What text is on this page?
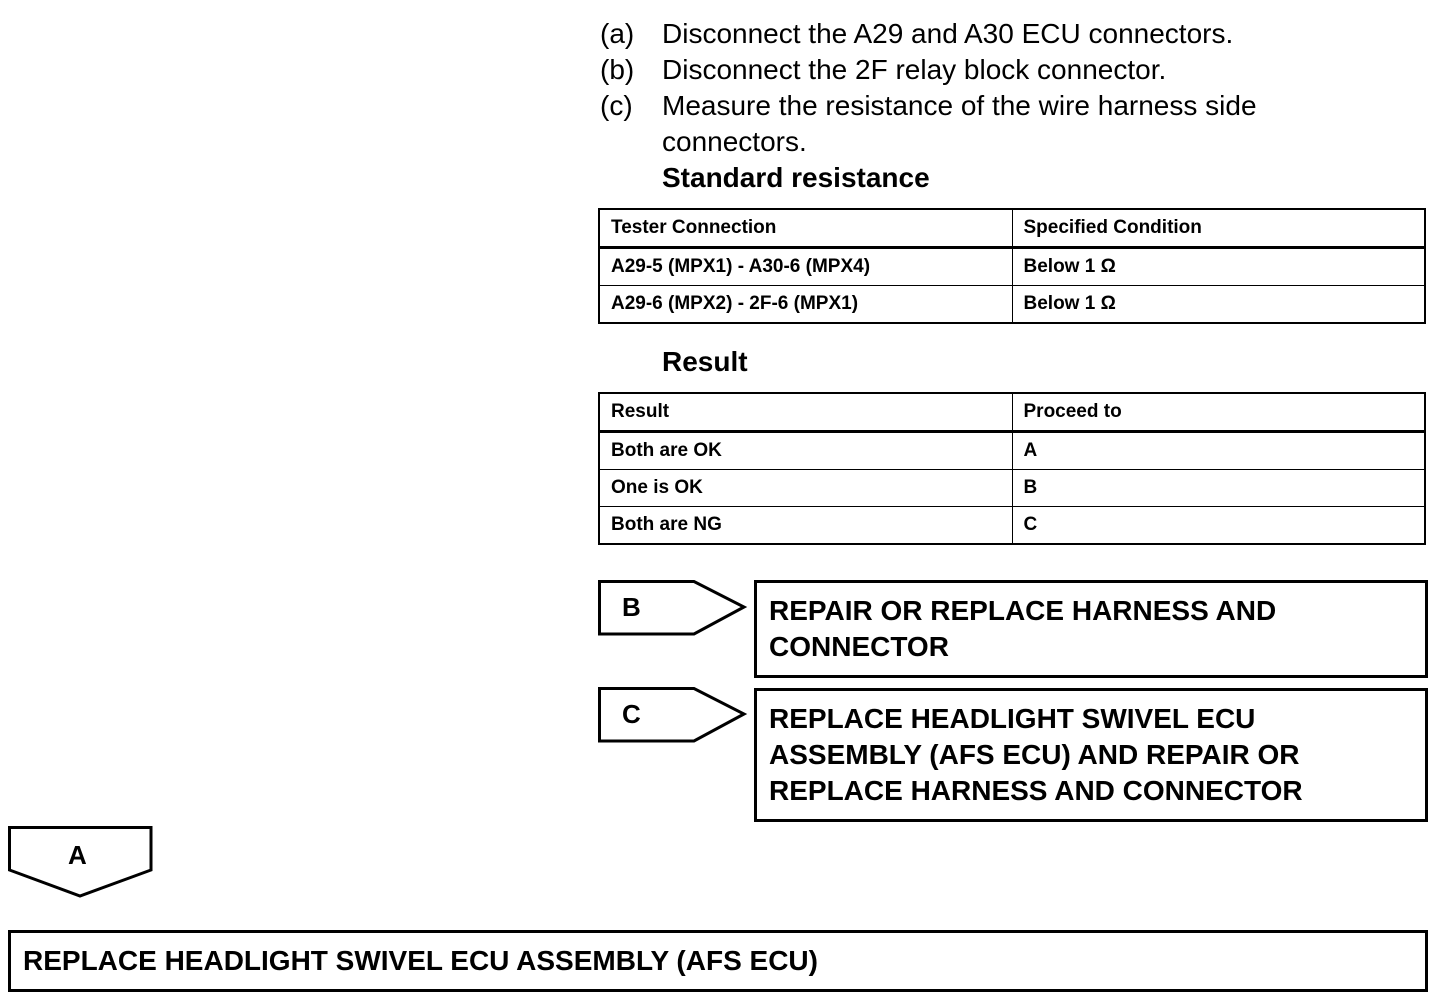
(a) Disconnect the A29 and A30 ECU connectors.
(b) Disconnect the 2F relay block connector.
(c) Measure the resistance of the wire harness side connectors.
Standard resistance
Tester Connection	Specified Condition
A29-5 (MPX1) - A30-6 (MPX4)	Below 1 Ω
A29-6 (MPX2) - 2F-6 (MPX1)	Below 1 Ω
Result
Result	Proceed to
Both are OK	A
One is OK	B
Both are NG	C
B	REPAIR OR REPLACE HARNESS AND CONNECTOR
C	REPLACE HEADLIGHT SWIVEL ECU ASSEMBLY (AFS ECU) AND REPAIR OR REPLACE HARNESS AND CONNECTOR
A
REPLACE HEADLIGHT SWIVEL ECU ASSEMBLY (AFS ECU)
